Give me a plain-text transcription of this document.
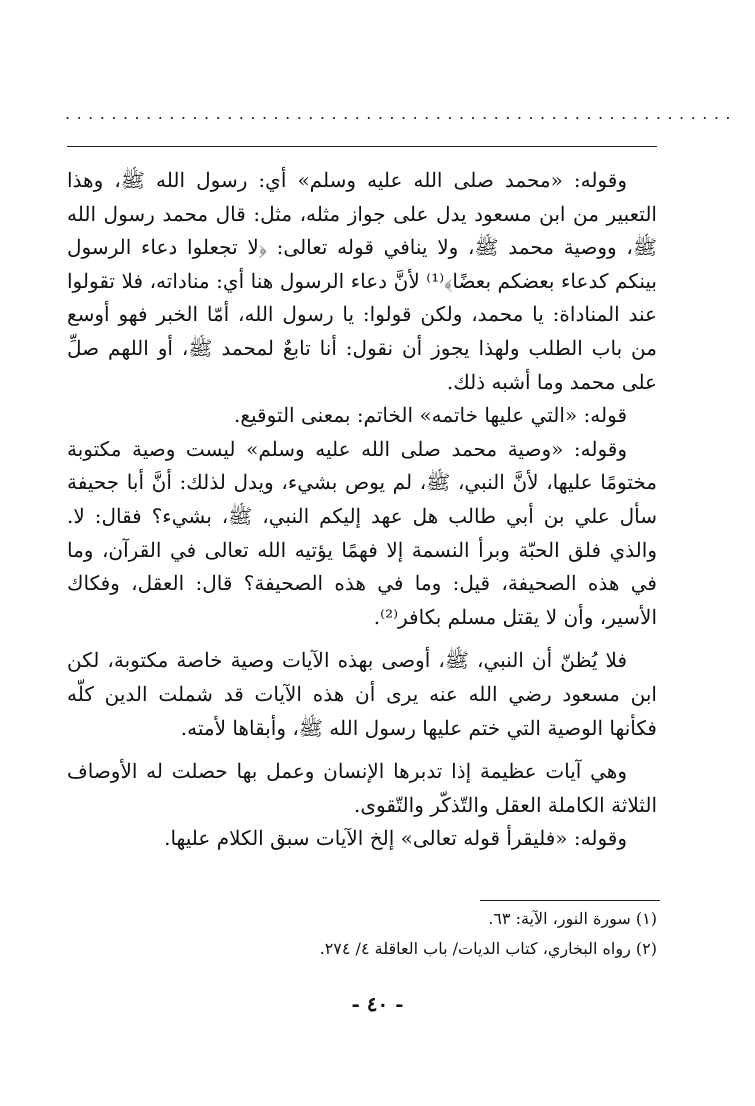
..........................................................

وقوله: «محمد صلى الله عليه وسلم» أي: رسول الله ﷺ، وهذا التعبير من ابن مسعود يدل على جواز مثله، مثل: قال محمد رسول الله ﷺ، ووصية محمد ﷺ، ولا ينافي قوله تعالى: ﴿لا تجعلوا دعاء الرسول بينكم كدعاء بعضكم بعضًا﴾⁽¹⁾ لأنَّ دعاء الرسول هنا أي: مناداته، فلا تقولوا عند المناداة: يا محمد، ولكن قولوا: يا رسول الله، أمّا الخبر فهو أوسع من باب الطلب ولهذا يجوز أن نقول: أنا تابعٌ لمحمد ﷺ، أو اللهم صلِّ على محمد وما أشبه ذلك.

قوله: «التي عليها خاتمه» الخاتم: بمعنى التوقيع.

وقوله: «وصية محمد صلى الله عليه وسلم» ليست وصية مكتوبة مختومًا عليها، لأنَّ النبي، ﷺ، لم يوص بشيء، ويدل لذلك: أنَّ أبا جحيفة سأل علي بن أبي طالب هل عهد إليكم النبي، ﷺ، بشيء؟ فقال: لا. والذي فلق الحبّة وبرأ النسمة إلا فهمًا يؤتيه الله تعالى في القرآن، وما في هذه الصحيفة، قيل: وما في هذه الصحيفة؟ قال: العقل، وفكاك الأسير، وأن لا يقتل مسلم بكافر⁽²⁾.

فلا يُظنّ أن النبي، ﷺ، أوصى بهذه الآيات وصية خاصة مكتوبة، لكن ابن مسعود رضي الله عنه يرى أن هذه الآيات قد شملت الدين كلّه فكأنها الوصية التي ختم عليها رسول الله ﷺ، وأبقاها لأمته.

وهي آيات عظيمة إذا تدبرها الإنسان وعمل بها حصلت له الأوصاف الثلاثة الكاملة العقل والتّذكّر والتّقوى.

وقوله: «فليقرأ قوله تعالى» إلخ الآيات سبق الكلام عليها.

(١) سورة النور، الآية: ٦٣.
(٢) رواه البخاري، كتاب الديات/ باب العاقلة ٤/ ٢٧٤.
- ٤٠ -
